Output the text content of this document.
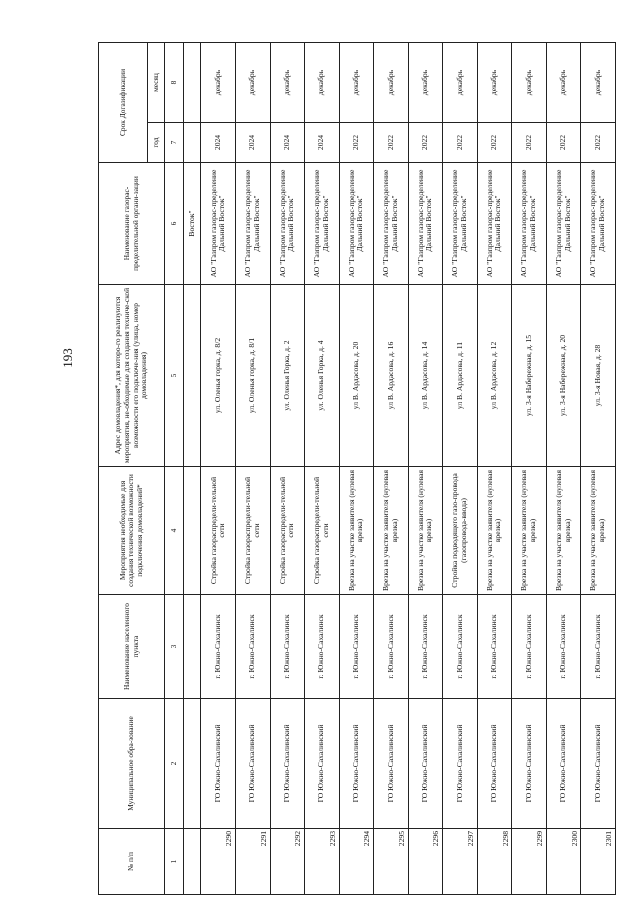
193
№ п/п	Муниципальное обра-зование	Наименование населенного пункта	Мероприятия необходимые для создания технической возможности подключения домовладений*	Адрес домовладения*, для которо-го реализуются мероприятия, не-обходимые для создания техниче-ской возможности его подключе-ния (улица, номер домовладения)	Наименование газорас-пределительной органи-зации	Срок Догазификации	
						год	месяц
1	2	3	4	5	6	7	8
					Восток"		
2290	ГО Южно-Сахалинский	г. Южно-Сахалинск	Стройка газораспредели-тельной сети	ул. Оленья горка, д. 8/2	АО "Газпром газорас-пределение Дальний Восток"	2024	декабрь
2291	ГО Южно-Сахалинский	г. Южно-Сахалинск	Стройка газораспредели-тельной сети	ул. Оленья горка, д. 8/1	АО "Газпром газорас-пределение Дальний Восток"	2024	декабрь
2292	ГО Южно-Сахалинский	г. Южно-Сахалинск	Стройка газораспредели-тельной сети	ул. Оленья Горка, д. 2	АО "Газпром газорас-пределение Дальний Восток"	2024	декабрь
2293	ГО Южно-Сахалинский	г. Южно-Сахалинск	Стройка газораспредели-тельной сети	ул. Оленья Горка, д. 4	АО "Газпром газорас-пределение Дальний Восток"	2024	декабрь
2294	ГО Южно-Сахалинский	г. Южно-Сахалинск	Врезка на участке заявителя (нулевая врезка)	ул В. Ардасова, д. 20	АО "Газпром газорас-пределение Дальний Восток"	2022	декабрь
2295	ГО Южно-Сахалинский	г. Южно-Сахалинск	Врезка на участке заявителя (нулевая врезка)	ул В. Ардасова, д. 16	АО "Газпром газорас-пределение Дальний Восток"	2022	декабрь
2296	ГО Южно-Сахалинский	г. Южно-Сахалинск	Врезка на участке заявителя (нулевая врезка)	ул В. Ардасова, д. 14	АО "Газпром газорас-пределение Дальний Восток"	2022	декабрь
2297	ГО Южно-Сахалинский	г. Южно-Сахалинск	Стройка подводящего газо-провода (газопровода-ввода)	ул В. Ардасова, д. 11	АО "Газпром газорас-пределение Дальний Восток"	2022	декабрь
2298	ГО Южно-Сахалинский	г. Южно-Сахалинск	Врезка на участке заявителя (нулевая врезка)	ул В. Ардасова, д. 12	АО "Газпром газорас-пределение Дальний Восток"	2022	декабрь
2299	ГО Южно-Сахалинский	г. Южно-Сахалинск	Врезка на участке заявителя (нулевая врезка)	ул. 3-я Набережная, д. 15	АО "Газпром газорас-пределение Дальний Восток"	2022	декабрь
2300	ГО Южно-Сахалинский	г. Южно-Сахалинск	Врезка на участке заявителя (нулевая врезка)	ул. 3-я Набережная, д. 20	АО "Газпром газорас-пределение Дальний Восток"	2022	декабрь
2301	ГО Южно-Сахалинский	г. Южно-Сахалинск	Врезка на участке заявителя (нулевая врезка)	ул. 3-я Новая, д. 28	АО "Газпром газорас-пределение Дальний Восток"	2022	декабрь
